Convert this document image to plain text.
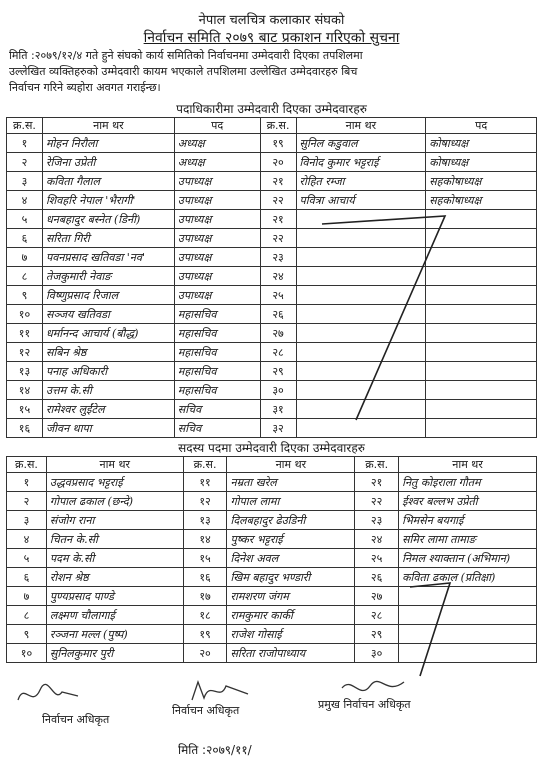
नेपाल चलचित्र कलाकार संघको
निर्वाचन समिति २०७९ बाट प्रकाशन गरिएको सुचना
मिति :२०७९/१२/४ गते हुने संघको कार्य समितिको निर्वाचनमा उम्मेदवारी दिएका तपशिलमा
उल्लेखित व्यक्तिहरुको उम्मेदवारी कायम भएकाले तपशिलमा उल्लेखित उम्मेदवारहरु बिच
निर्वाचन गरिने ब्यहोरा अवगत गराईन्छ।
पदाधिकारीमा उम्मेदवारी दिएका उम्मेदवारहरु
क्र.स.	नाम थर	पद	क्र.स.	नाम थर	पद
१	मोहन निरौला	अध्यक्ष	१९	सुनिल कडुवाल	कोषाध्यक्ष
२	रेजिना उप्रेती	अध्यक्ष	२०	विनोद कुमार भट्टराई	कोषाध्यक्ष
३	कविता गैलाल	उपाध्यक्ष	२१	रोहित रम्जा	सहकोषाध्यक्ष
४	शिवहरि नेपाल 'भैरागी'	उपाध्यक्ष	२२	पवित्रा आचार्य	सहकोषाध्यक्ष
५	धनबहादुर बस्नेत (डिनी)	उपाध्यक्ष	२१		
६	सरिता गिरी	उपाध्यक्ष	२२		
७	पवनप्रसाद खतिवडा 'नव'	उपाध्यक्ष	२३		
८	तेजकुमारी नेवाङ	उपाध्यक्ष	२४		
९	विष्णुप्रसाद रिजाल	उपाध्यक्ष	२५		
१०	सञ्जय खतिवडा	महासचिव	२६		
११	धर्मानन्द आचार्य (बौद्ध)	महासचिव	२७		
१२	सबिन श्रेष्ठ	महासचिव	२८		
१३	पनाह अधिकारी	महासचिव	२९		
१४	उत्तम के.सी	महासचिव	३०		
१५	रामेश्वर लुईंटेल	सचिव	३१		
१६	जीवन थापा	सचिव	३२		
सदस्य पदमा उम्मेदवारी दिएका उम्मेदवारहरु
क्र.स.	नाम थर	क्र.स.	नाम थर	क्र.स.	नाम थर
१	उद्धवप्रसाद भट्टराई	११	नम्रता खरेल	२१	नितु कोइराला गौतम
२	गोपाल ढकाल (छन्दे)	१२	गोपाल लामा	२२	ईश्वर बल्लभ उप्रेती
३	संजोग राना	१३	दिलबहादुर ढेउडिनी	२३	भिमसेन बयगाई
४	चितन के.सी	१४	पुष्कर भट्टराई	२४	समिर लामा तामाङ
५	पदम के.सी	१५	दिनेश अवल	२५	निमल श्याक्तान (अभिमान)
६	रोशन श्रेष्ठ	१६	खिम बहादुर भण्डारी	२६	कविता ढकाल (प्रतिक्षा)
७	पुण्यप्रसाद पाण्डे	१७	रामशरण जंगम	२७	
८	लक्ष्मण चौलागाई	१८	रामकुमार कार्की	२८	
९	रञ्जना मल्ल (पुष्प)	१९	राजेश गोसाई	२९	
१०	सुनिलकुमार पुरी	२०	सरिता राजोपाध्याय	३०	
निर्वाचन अधिकृत
निर्वाचन अधिकृत	प्रमुख निर्वाचन अधिकृत
मिति :२०७९/११/
